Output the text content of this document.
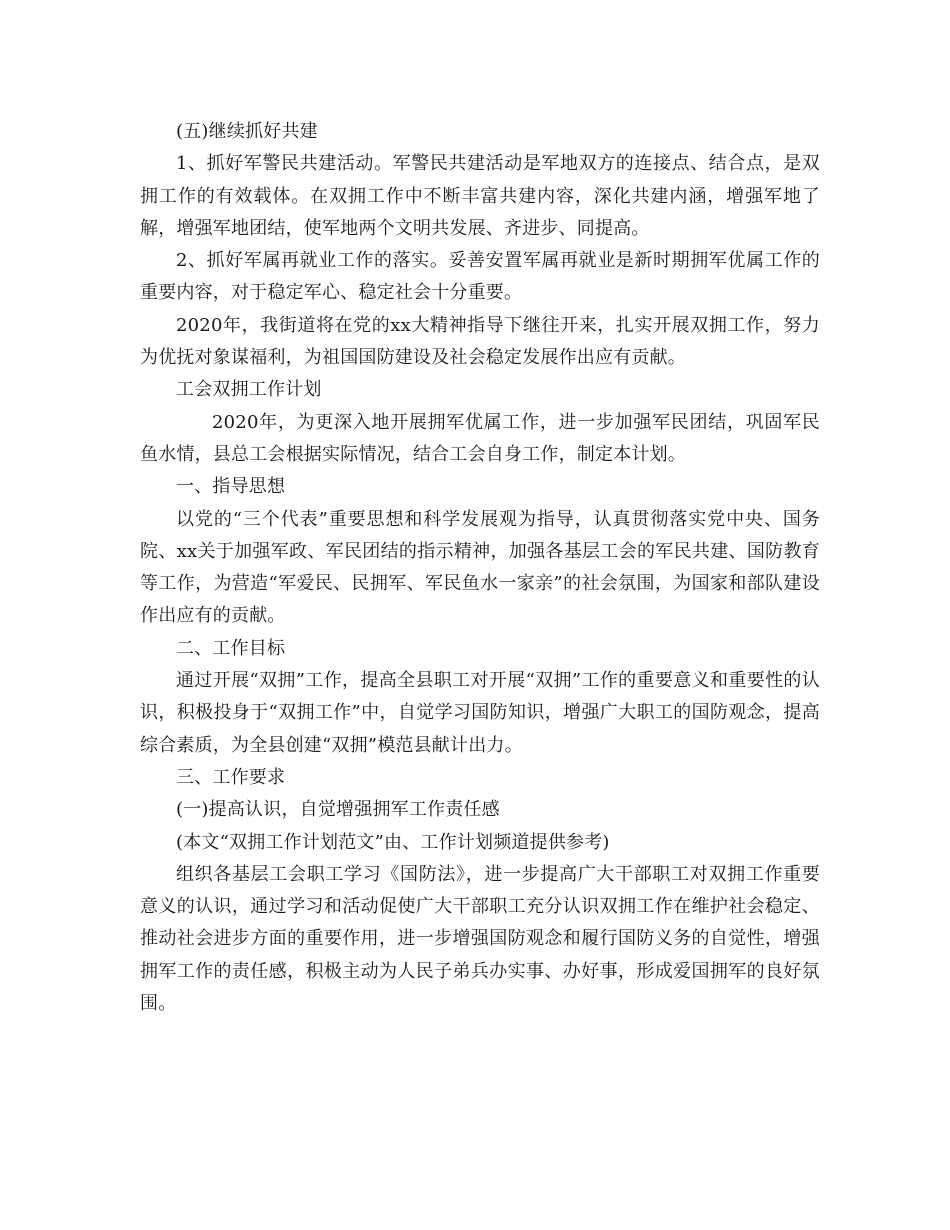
(五)继续抓好共建

1、抓好军警民共建活动。军警民共建活动是军地双方的连接点、结合点，是双拥工作的有效载体。在双拥工作中不断丰富共建内容，深化共建内涵，增强军地了解，增强军地团结，使军地两个文明共发展、齐进步、同提高。

2、抓好军属再就业工作的落实。妥善安置军属再就业是新时期拥军优属工作的重要内容，对于稳定军心、稳定社会十分重要。

2020年，我街道将在党的xx大精神指导下继往开来，扎实开展双拥工作，努力为优抚对象谋福利，为祖国国防建设及社会稳定发展作出应有贡献。

工会双拥工作计划

2020年，为更深入地开展拥军优属工作，进一步加强军民团结，巩固军民鱼水情，县总工会根据实际情况，结合工会自身工作，制定本计划。

一、指导思想

以党的“三个代表”重要思想和科学发展观为指导，认真贯彻落实党中央、国务院、xx关于加强军政、军民团结的指示精神，加强各基层工会的军民共建、国防教育等工作，为营造“军爱民、民拥军、军民鱼水一家亲”的社会氛围，为国家和部队建设作出应有的贡献。

二、工作目标

通过开展“双拥”工作，提高全县职工对开展“双拥”工作的重要意义和重要性的认识，积极投身于“双拥工作”中，自觉学习国防知识，增强广大职工的国防观念，提高综合素质，为全县创建“双拥”模范县献计出力。

三、工作要求

(一)提高认识，自觉增强拥军工作责任感

(本文“双拥工作计划范文”由、工作计划频道提供参考)

组织各基层工会职工学习《国防法》，进一步提高广大干部职工对双拥工作重要意义的认识，通过学习和活动促使广大干部职工充分认识双拥工作在维护社会稳定、推动社会进步方面的重要作用，进一步增强国防观念和履行国防义务的自觉性，增强拥军工作的责任感，积极主动为人民子弟兵办实事、办好事，形成爱国拥军的良好氛围。
